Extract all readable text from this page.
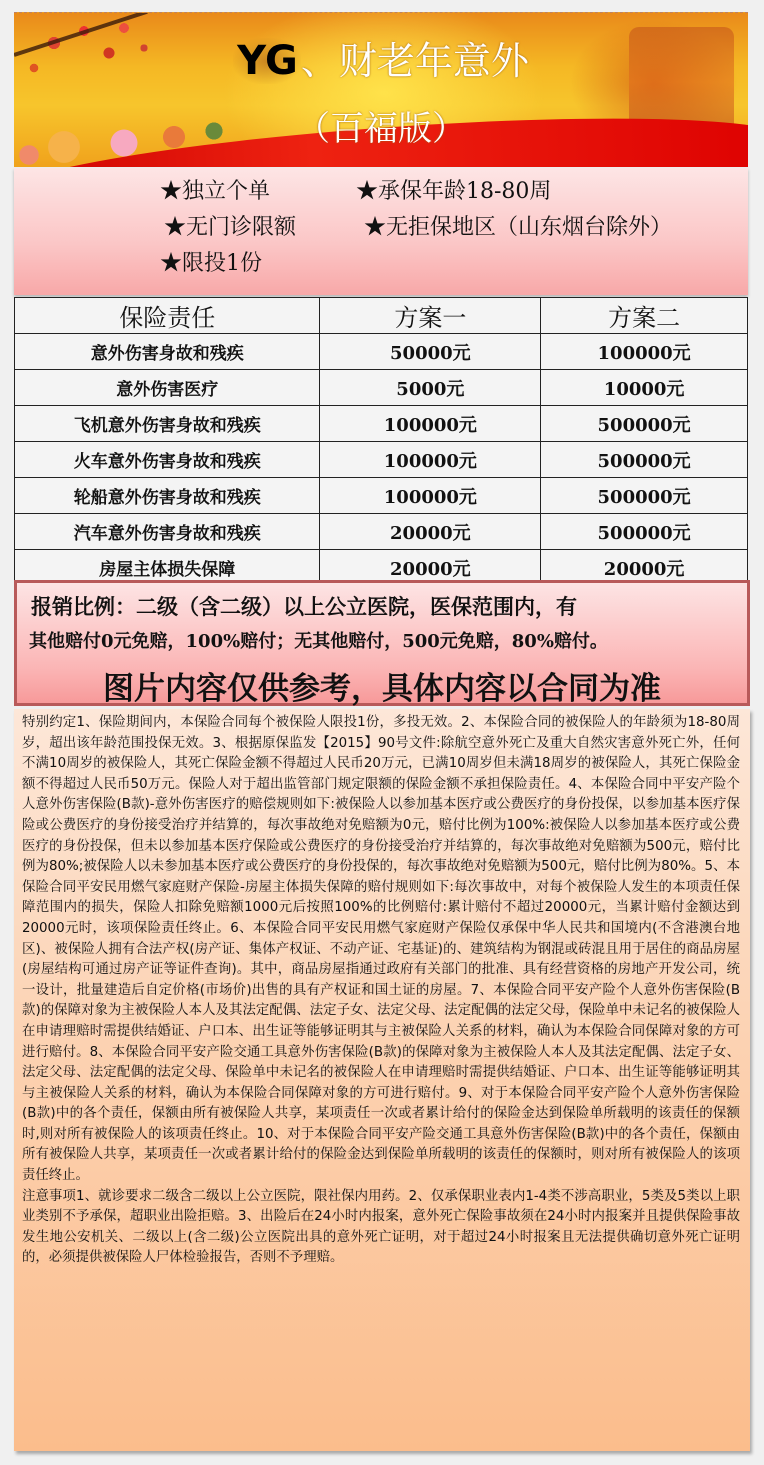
YG 、财老年意外
（百福版）
★独立个单	★承保年龄18-80周
★无门诊限额	★无拒保地区（山东烟台除外）
★限投1份
保险责任	方案一	方案二
意外伤害身故和残疾	50000元	100000元
意外伤害医疗	5000元	10000元
飞机意外伤害身故和残疾	100000元	500000元
火车意外伤害身故和残疾	100000元	500000元
轮船意外伤害身故和残疾	100000元	500000元
汽车意外伤害身故和残疾	20000元	500000元
房屋主体损失保障	20000元	20000元
报销比例：二级（含二级）以上公立医院，医保范围内，有
其他赔付0元免赔，100%赔付；无其他赔付，500元免赔，80%赔付。
图片内容仅供参考，具体内容以合同为准

特别约定1、保险期间内，本保险合同每个被保险人限投1份，多投无效。2、本保险合同的被保险人的年龄须为18-80周岁，超出该年龄范围投保无效。3、根据原保监发【2015】90号文件:除航空意外死亡及重大自然灾害意外死亡外，任何不满10周岁的被保险人，其死亡保险金额不得超过人民币20万元，已满10周岁但未满18周岁的被保险人，其死亡保险金额不得超过人民币50万元。保险人对于超出监管部门规定限额的保险金额不承担保险责任。4、本保险合同中平安产险个人意外伤害保险(B款)-意外伤害医疗的赔偿规则如下:被保险人以参加基本医疗或公费医疗的身份投保，以参加基本医疗保险或公费医疗的身份接受治疗并结算的，每次事故绝对免赔额为0元，赔付比例为100%:被保险人以参加基本医疗或公费医疗的身份投保，但未以参加基本医疗保险或公费医疗的身份接受治疗并结算的，每次事故绝对免赔额为500元，赔付比例为80%;被保险人以未参加基本医疗或公费医疗的身份投保的，每次事故绝对免赔额为500元，赔付比例为80%。5、本保险合同平安民用燃气家庭财产保险-房屋主体损失保障的赔付规则如下:每次事故中，对每个被保险人发生的本项责任保障范围内的损失，保险人扣除免赔额1000元后按照100%的比例赔付:累计赔付不超过20000元，当累计赔付金额达到20000元时，该项保险责任终止。6、本保险合同平安民用燃气家庭财产保险仅承保中华人民共和国境内(不含港澳台地区)、被保险人拥有合法产权(房产证、集体产权证、不动产证、宅基证)的、建筑结构为钢混或砖混且用于居住的商品房屋(房屋结构可通过房产证等证件查询)。其中，商品房屋指通过政府有关部门的批准、具有经营资格的房地产开发公司，统一设计，批量建造后自定价格(市场价)出售的具有产权证和国土证的房屋。7、本保险合同平安产险个人意外伤害保险(B款)的保障对象为主被保险人本人及其法定配偶、法定子女、法定父母、法定配偶的法定父母，保险单中未记名的被保险人在申请理赔时需提供结婚证、户口本、出生证等能够证明其与主被保险人关系的材料，确认为本保险合同保障对象的方可进行赔付。8、本保险合同平安产险交通工具意外伤害保险(B款)的保障对象为主被保险人本人及其法定配偶、法定子女、法定父母、法定配偶的法定父母、保险单中未记名的被保险人在申请理赔时需提供结婚证、户口本、出生证等能够证明其与主被保险人关系的材料，确认为本保险合同保障对象的方可进行赔付。9、对于本保险合同平安产险个人意外伤害保险(B款)中的各个责任，保额由所有被保险人共享，某项责任一次或者累计给付的保险金达到保险单所载明的该责任的保额时,则对所有被保险人的该项责任终止。10、对于本保险合同平安产险交通工具意外伤害保险(B款)中的各个责任，保额由所有被保险人共享，某项责任一次或者累计给付的保险金达到保险单所载明的该责任的保额时，则对所有被保险人的该项责任终止。

注意事项1、就诊要求二级含二级以上公立医院，限社保内用药。2、仅承保职业表内1-4类不涉高职业，5类及5类以上职业类别不予承保，超职业出险拒赔。3、出险后在24小时内报案，意外死亡保险事故须在24小时内报案并且提供保险事故发生地公安机关、二级以上(含二级)公立医院出具的意外死亡证明，对于超过24小时报案且无法提供确切意外死亡证明的，必须提供被保险人尸体检验报告，否则不予理赔。
